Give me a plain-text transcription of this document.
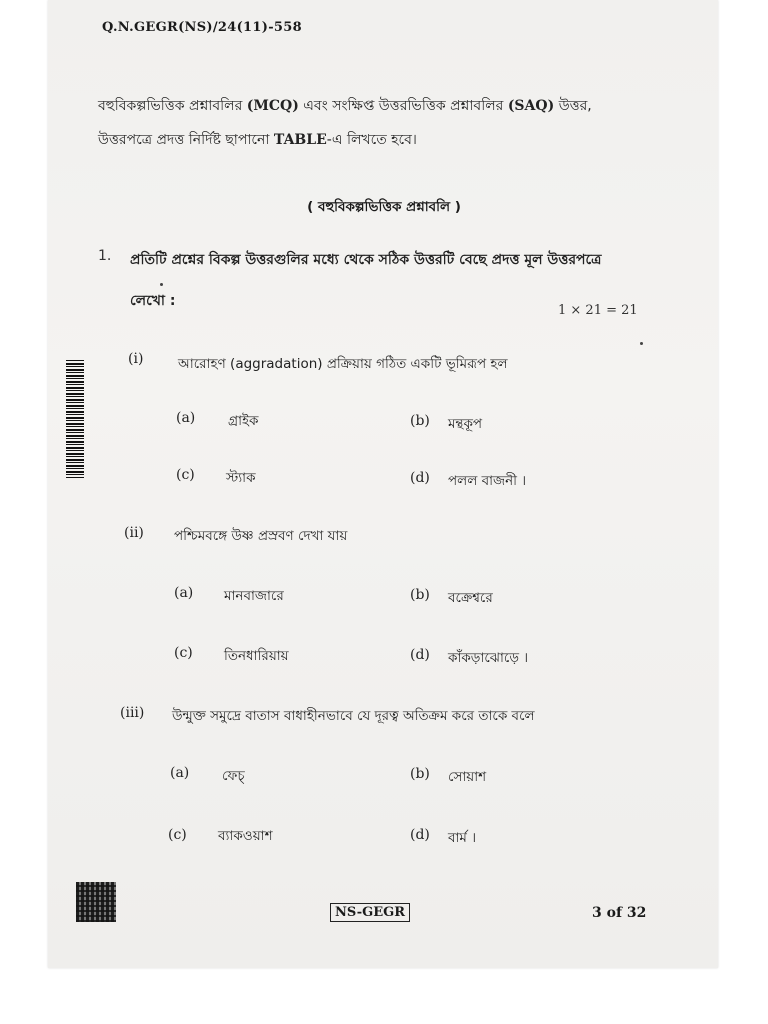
Q.N.GEGR(NS)/24(11)-558
বহুবিকল্পভিত্তিক প্রশ্নাবলির (MCQ) এবং সংক্ষিপ্ত উত্তরভিত্তিক প্রশ্নাবলির (SAQ) উত্তর,
উত্তরপত্রে প্রদত্ত নির্দিষ্ট ছাপানো TABLE-এ লিখতে হবে।
( বহুবিকল্পভিত্তিক প্রশ্নাবলি )
1. প্রতিটি প্রশ্নের বিকল্প উত্তরগুলির মধ্যে থেকে সঠিক উত্তরটি বেছে প্রদত্ত মূল উত্তরপত্রে
লেখো :
1 × 21 = 21
(i)	আরোহণ (aggradation) প্রক্রিয়ায় গঠিত একটি ভূমিরূপ হল
(a) গ্রাইক	(b) মন্থকূপ
(c) স্ট্যাক	(d) পলল বাজনী ।
(ii) পশ্চিমবঙ্গে উষ্ণ প্রস্রবণ দেখা যায়
(a) মানবাজারে	(b) বক্রেশ্বরে
(c) তিনধারিয়ায়	(d) কাঁকড়াঝোড়ে ।
(iii) উন্মুক্ত সমুদ্রে বাতাস বাধাহীনভাবে যে দূরত্ব অতিক্রম করে তাকে বলে
(a) ফেচ্	(b) সোয়াশ
(c) ব্যাকওয়াশ	(d) বার্ম ।
NS-GEGR	3 of 32
